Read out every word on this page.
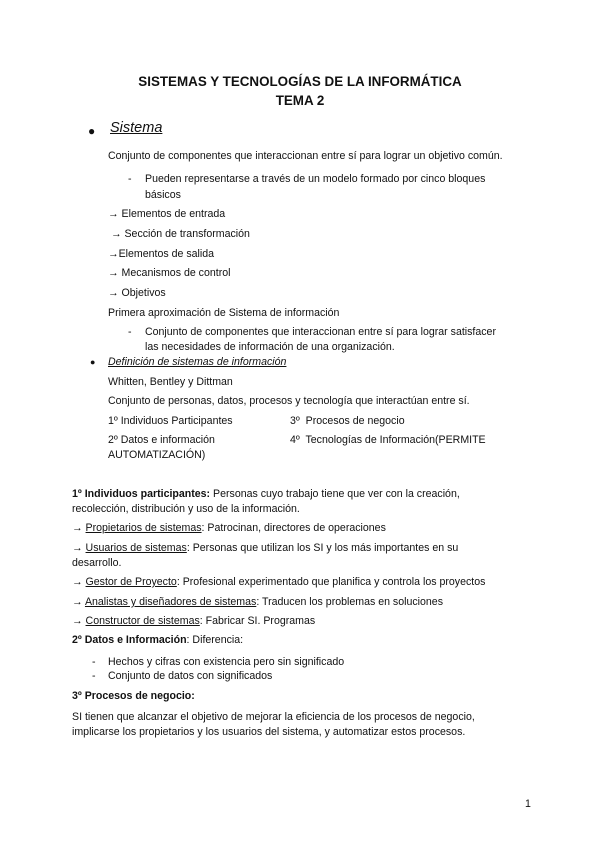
SISTEMAS Y TECNOLOGÍAS DE LA INFORMÁTICA
TEMA 2
● Sistema
Conjunto de componentes que interaccionan entre sí para lograr un objetivo común.
- Pueden representarse a través de un modelo formado por cinco bloques
básicos
→ Elementos de entrada
→ Sección de transformación
→Elementos de salida
→ Mecanismos de control
→ Objetivos
Primera aproximación de Sistema de información
- Conjunto de componentes que interaccionan entre sí para lograr satisfacer
las necesidades de información de una organización.
● Definición de sistemas de información
Whitten, Bentley y Dittman
Conjunto de personas, datos, procesos y tecnología que interactúan entre sí.
1º Individuos Participantes	3º  Procesos de negocio
2º Datos e información	4º  Tecnologías de Información(PERMITE
AUTOMATIZACIÓN)
1º Individuos participantes: Personas cuyo trabajo tiene que ver con la creación,
recolección, distribución y uso de la información.
→ Propietarios de sistemas: Patrocinan, directores de operaciones
→ Usuarios de sistemas: Personas que utilizan los SI y los más importantes en su
desarrollo.
→ Gestor de Proyecto: Profesional experimentado que planifica y controla los proyectos
→ Analistas y diseñadores de sistemas: Traducen los problemas en soluciones
→ Constructor de sistemas: Fabricar SI. Programas
2º Datos e Información: Diferencia:
- Hechos y cifras con existencia pero sin significado
- Conjunto de datos con significados
3º Procesos de negocio:
SI tienen que alcanzar el objetivo de mejorar la eficiencia de los procesos de negocio,
implicarse los propietarios y los usuarios del sistema, y automatizar estos procesos.
1
